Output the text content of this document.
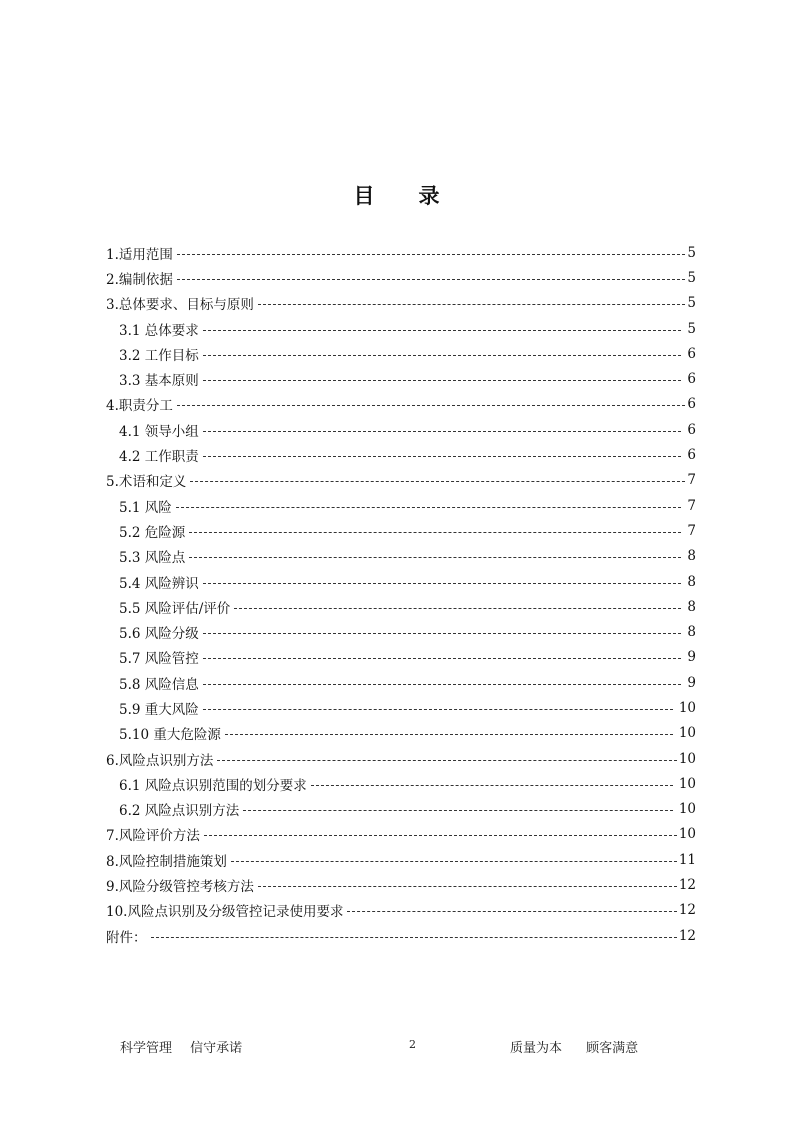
目录
1.适用范围	5
2.编制依据	5
3.总体要求、目标与原则	5
3.1 总体要求	5
3.2 工作目标	6
3.3 基本原则	6
4.职责分工	6
4.1 领导小组	6
4.2 工作职责	6
5.术语和定义	7
5.1 风险	7
5.2 危险源	7
5.3 风险点	8
5.4 风险辨识	8
5.5 风险评估/评价	8
5.6 风险分级	8
5.7 风险管控	9
5.8 风险信息	9
5.9 重大风险	10
5.10 重大危险源	10
6.风险点识别方法	10
6.1 风险点识别范围的划分要求	10
6.2 风险点识别方法	10
7.风险评价方法	10
8.风险控制措施策划	11
9.风险分级管控考核方法	12
10.风险点识别及分级管控记录使用要求	12
附件：	12
科学管理 信守承诺	2	质量为本 顾客满意
